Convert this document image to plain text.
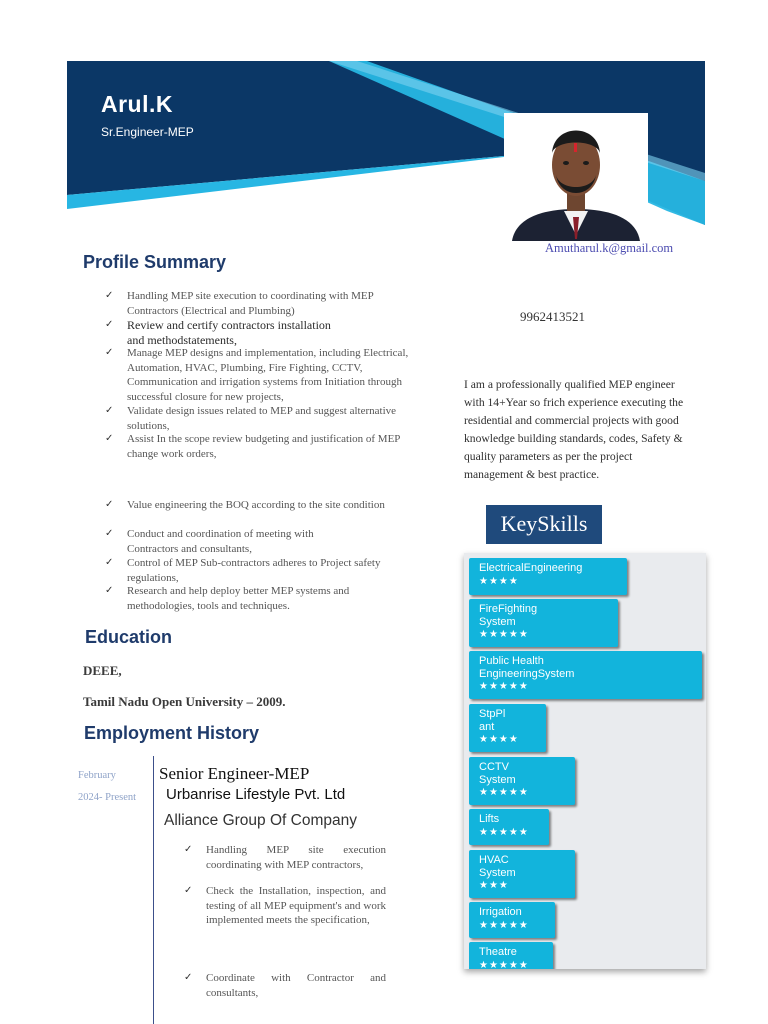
Arul.K
Sr.Engineer-MEP
Amutharul.k@gmail.com
9962413521
I am a professionally qualified MEP engineer with 14+Year so frich experience executing the residential and commercial projects with good knowledge building standards, codes, Safety & quality parameters as per the project management & best practice.
Profile Summary
✓ Handling MEP site execution to coordinating with MEP Contractors (Electrical and Plumbing)
✓ Review and certify contractors installation and methodstatements,
✓ Manage MEP designs and implementation, including Electrical, Automation, HVAC, Plumbing, Fire Fighting, CCTV, Communication and irrigation systems from Initiation through successful closure for new projects,
✓ Validate design issues related to MEP and suggest alternative solutions,
✓ Assist In the scope review budgeting and justification of MEP change work orders,
✓ Value engineering the BOQ according to the site condition
✓ Conduct and coordination of meeting with Contractors and consultants,
✓ Control of MEP Sub-contractors adheres to Project safety regulations,
✓ Research and help deploy better MEP systems and methodologies, tools and techniques.
Education
DEEE,
Tamil Nadu Open University – 2009.
Employment History
February
2024- Present
Senior Engineer-MEP
Urbanrise Lifestyle Pvt. Ltd
Alliance Group Of Company
✓ Handling MEP site execution coordinating with MEP contractors,
✓ Check the Installation, inspection, and testing of all MEP equipment's and work implemented meets the specification,
✓ Coordinate with Contractor and consultants,
KeySkills
ElectricalEngineering
★★★★
FireFighting System
★★★★★
Public Health EngineeringSystem
★★★★★
StpPl ant
★★★★
CCTV System
★★★★★
Lifts
★★★★★
HVAC System
★★★
Irrigation
★★★★★
Theatre
★★★★★
